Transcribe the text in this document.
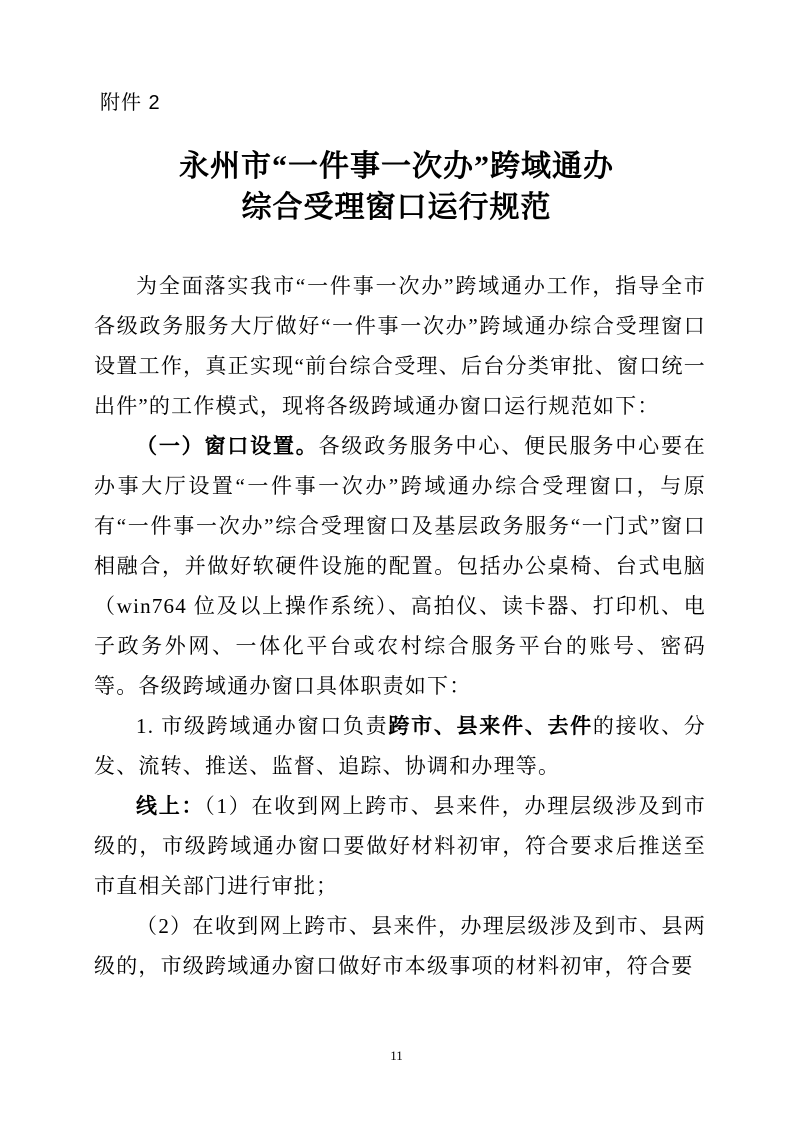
附件 2
永州市“一件事一次办”跨域通办
综合受理窗口运行规范

为全面落实我市“一件事一次办”跨域通办工作，指导全市各级政务服务大厅做好“一件事一次办”跨域通办综合受理窗口设置工作，真正实现“前台综合受理、后台分类审批、窗口统一出件”的工作模式，现将各级跨域通办窗口运行规范如下：

（一）窗口设置。各级政务服务中心、便民服务中心要在办事大厅设置“一件事一次办”跨域通办综合受理窗口，与原有“一件事一次办”综合受理窗口及基层政务服务“一门式”窗口相融合，并做好软硬件设施的配置。包括办公桌椅、台式电脑（win764 位及以上操作系统）、高拍仪、读卡器、打印机、电子政务外网、一体化平台或农村综合服务平台的账号、密码等。各级跨域通办窗口具体职责如下：

1. 市级跨域通办窗口负责跨市、县来件、去件的接收、分发、流转、推送、监督、追踪、协调和办理等。

线上：（1）在收到网上跨市、县来件，办理层级涉及到市级的，市级跨域通办窗口要做好材料初审，符合要求后推送至市直相关部门进行审批；

（2）在收到网上跨市、县来件，办理层级涉及到市、县两级的，市级跨域通办窗口做好市本级事项的材料初审，符合要

11
